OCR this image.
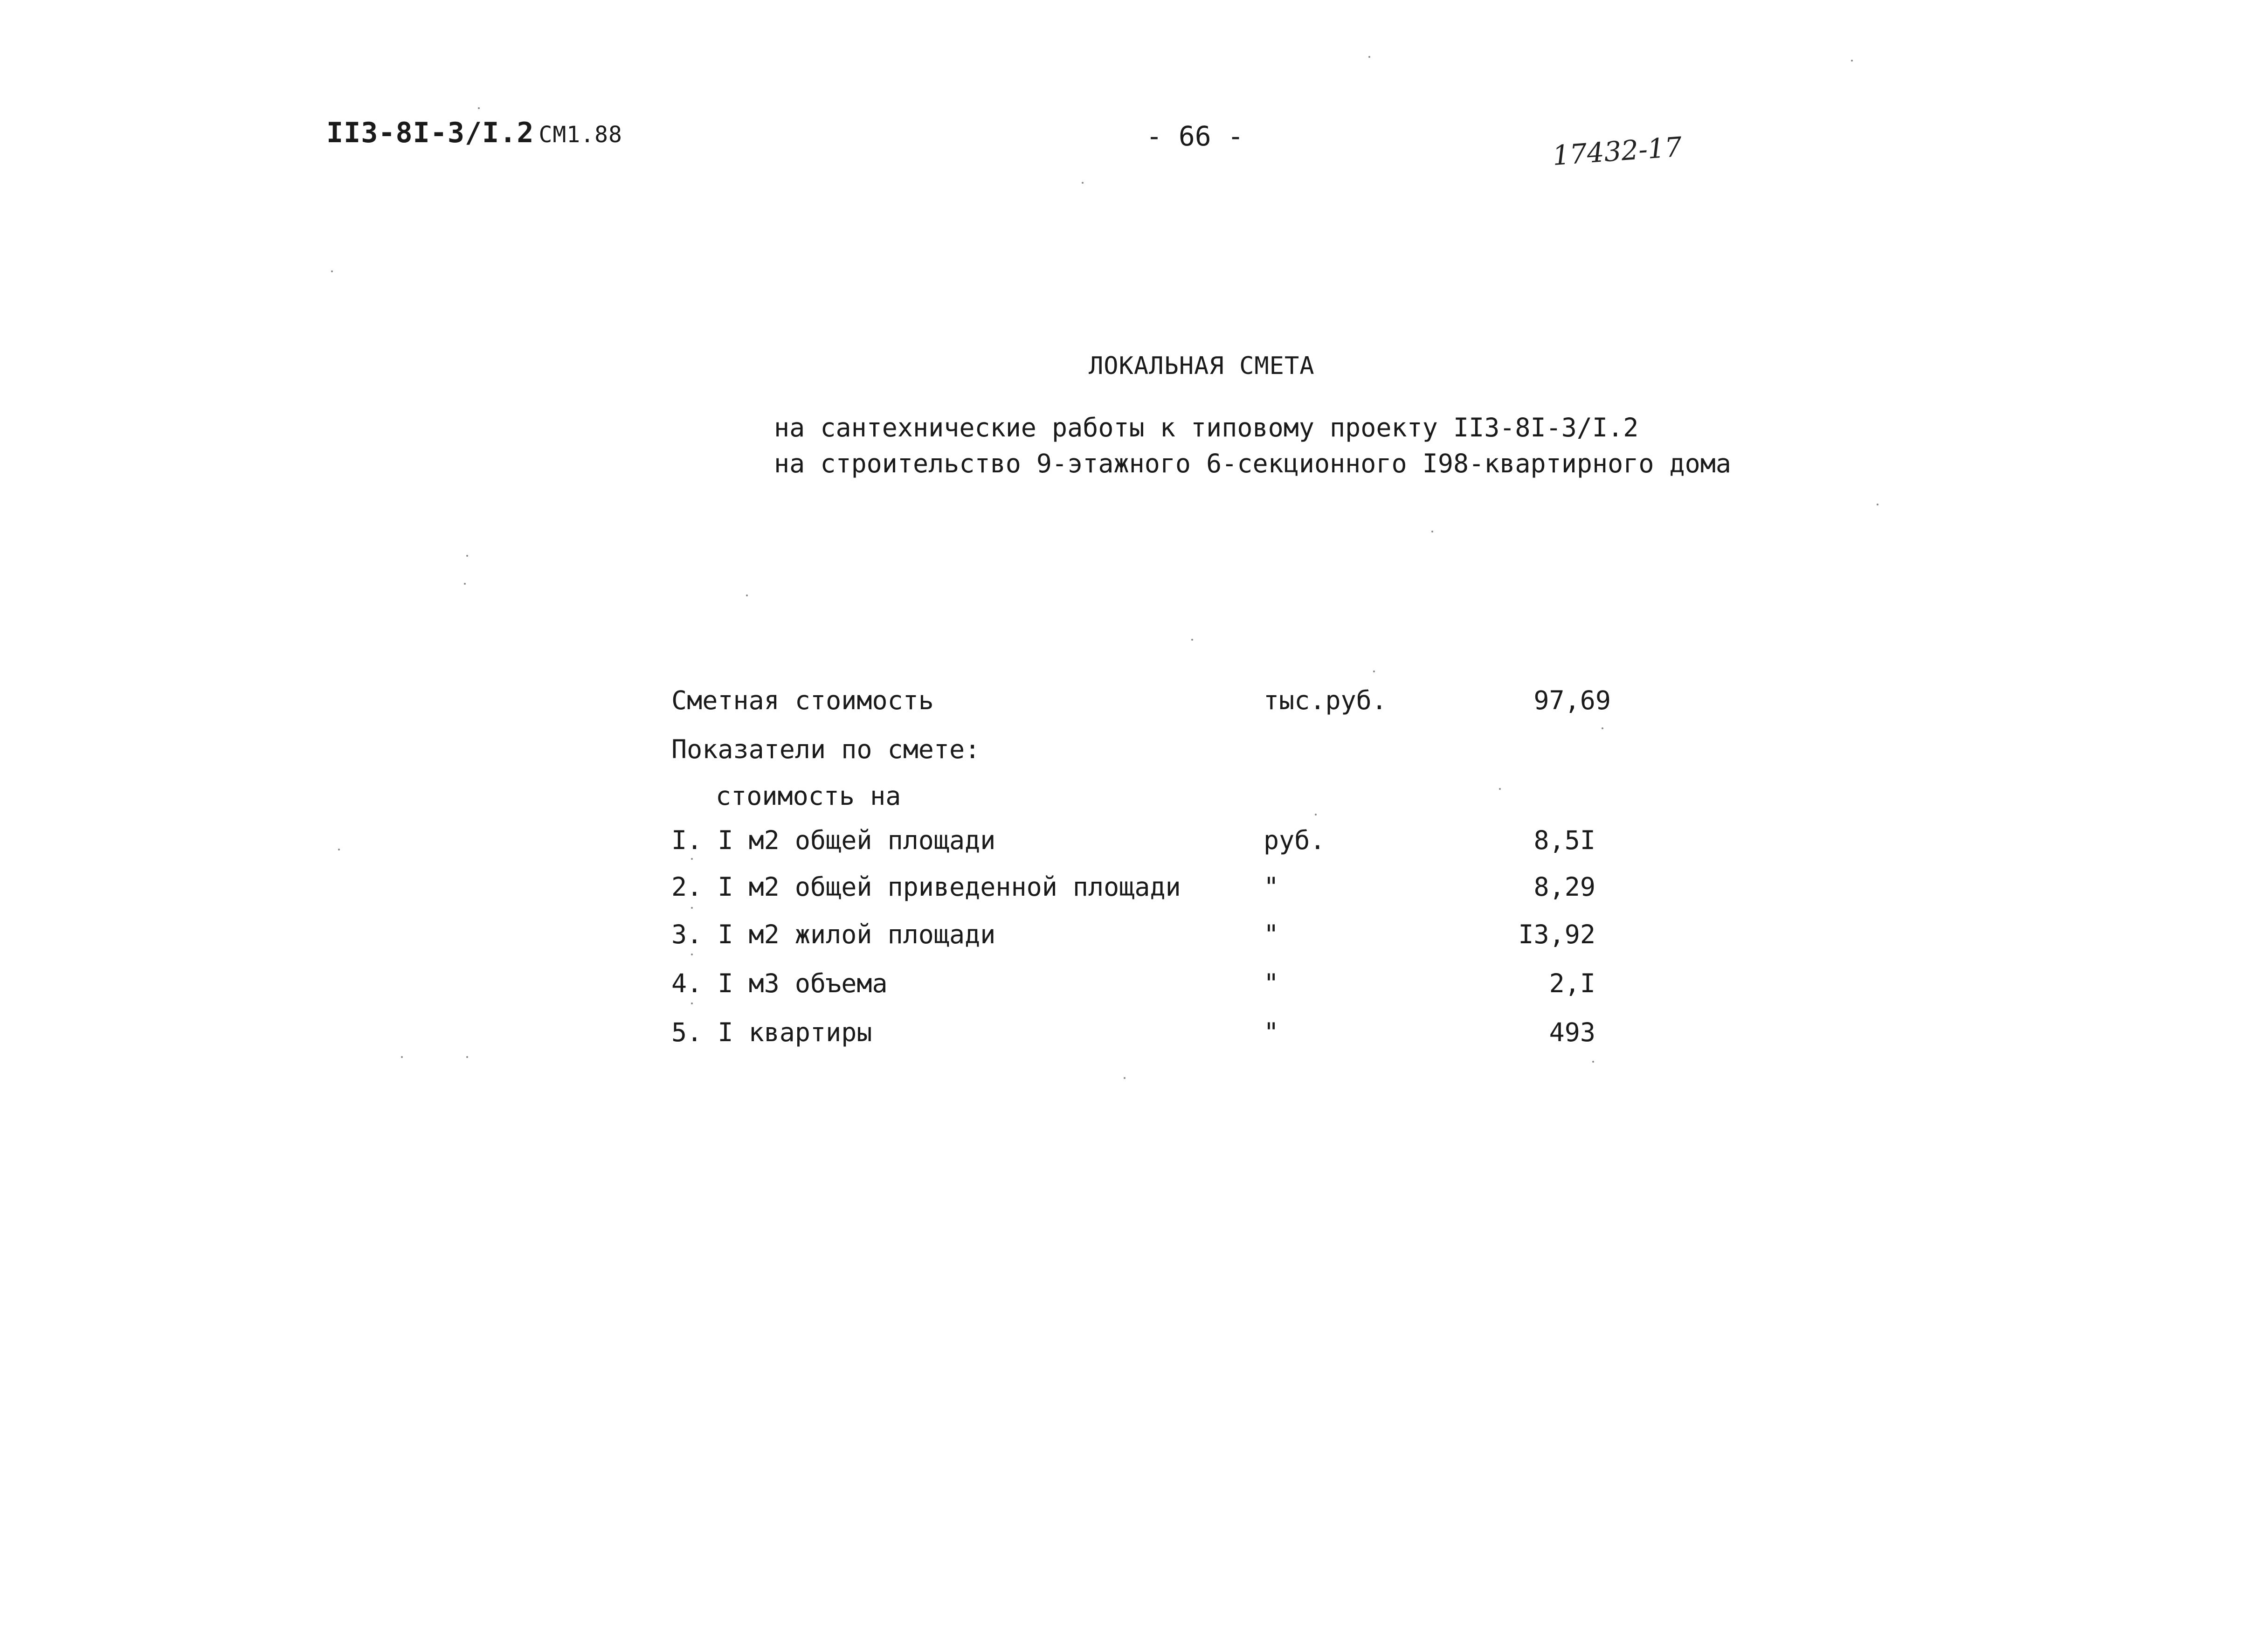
II3-8I-3/I.2 CM1.88	- 66 -	17432-17
ЛОКАЛЬНАЯ СМЕТА
на сантехнические работы к типовому проекту II3-8I-3/I.2
на строительство 9-этажного 6-секционного I98-квартирного дома
Сметная стоимость	тыс.руб.	97,69
Показатели по смете:
стоимость на
I. I м2 общей площади	руб.	8,5I
2. I м2 общей приведенной площади	"	8,29
3. I м2 жилой площади	"	I3,92
4. I м3 объема	"	2,I
5. I квартиры	"	493
